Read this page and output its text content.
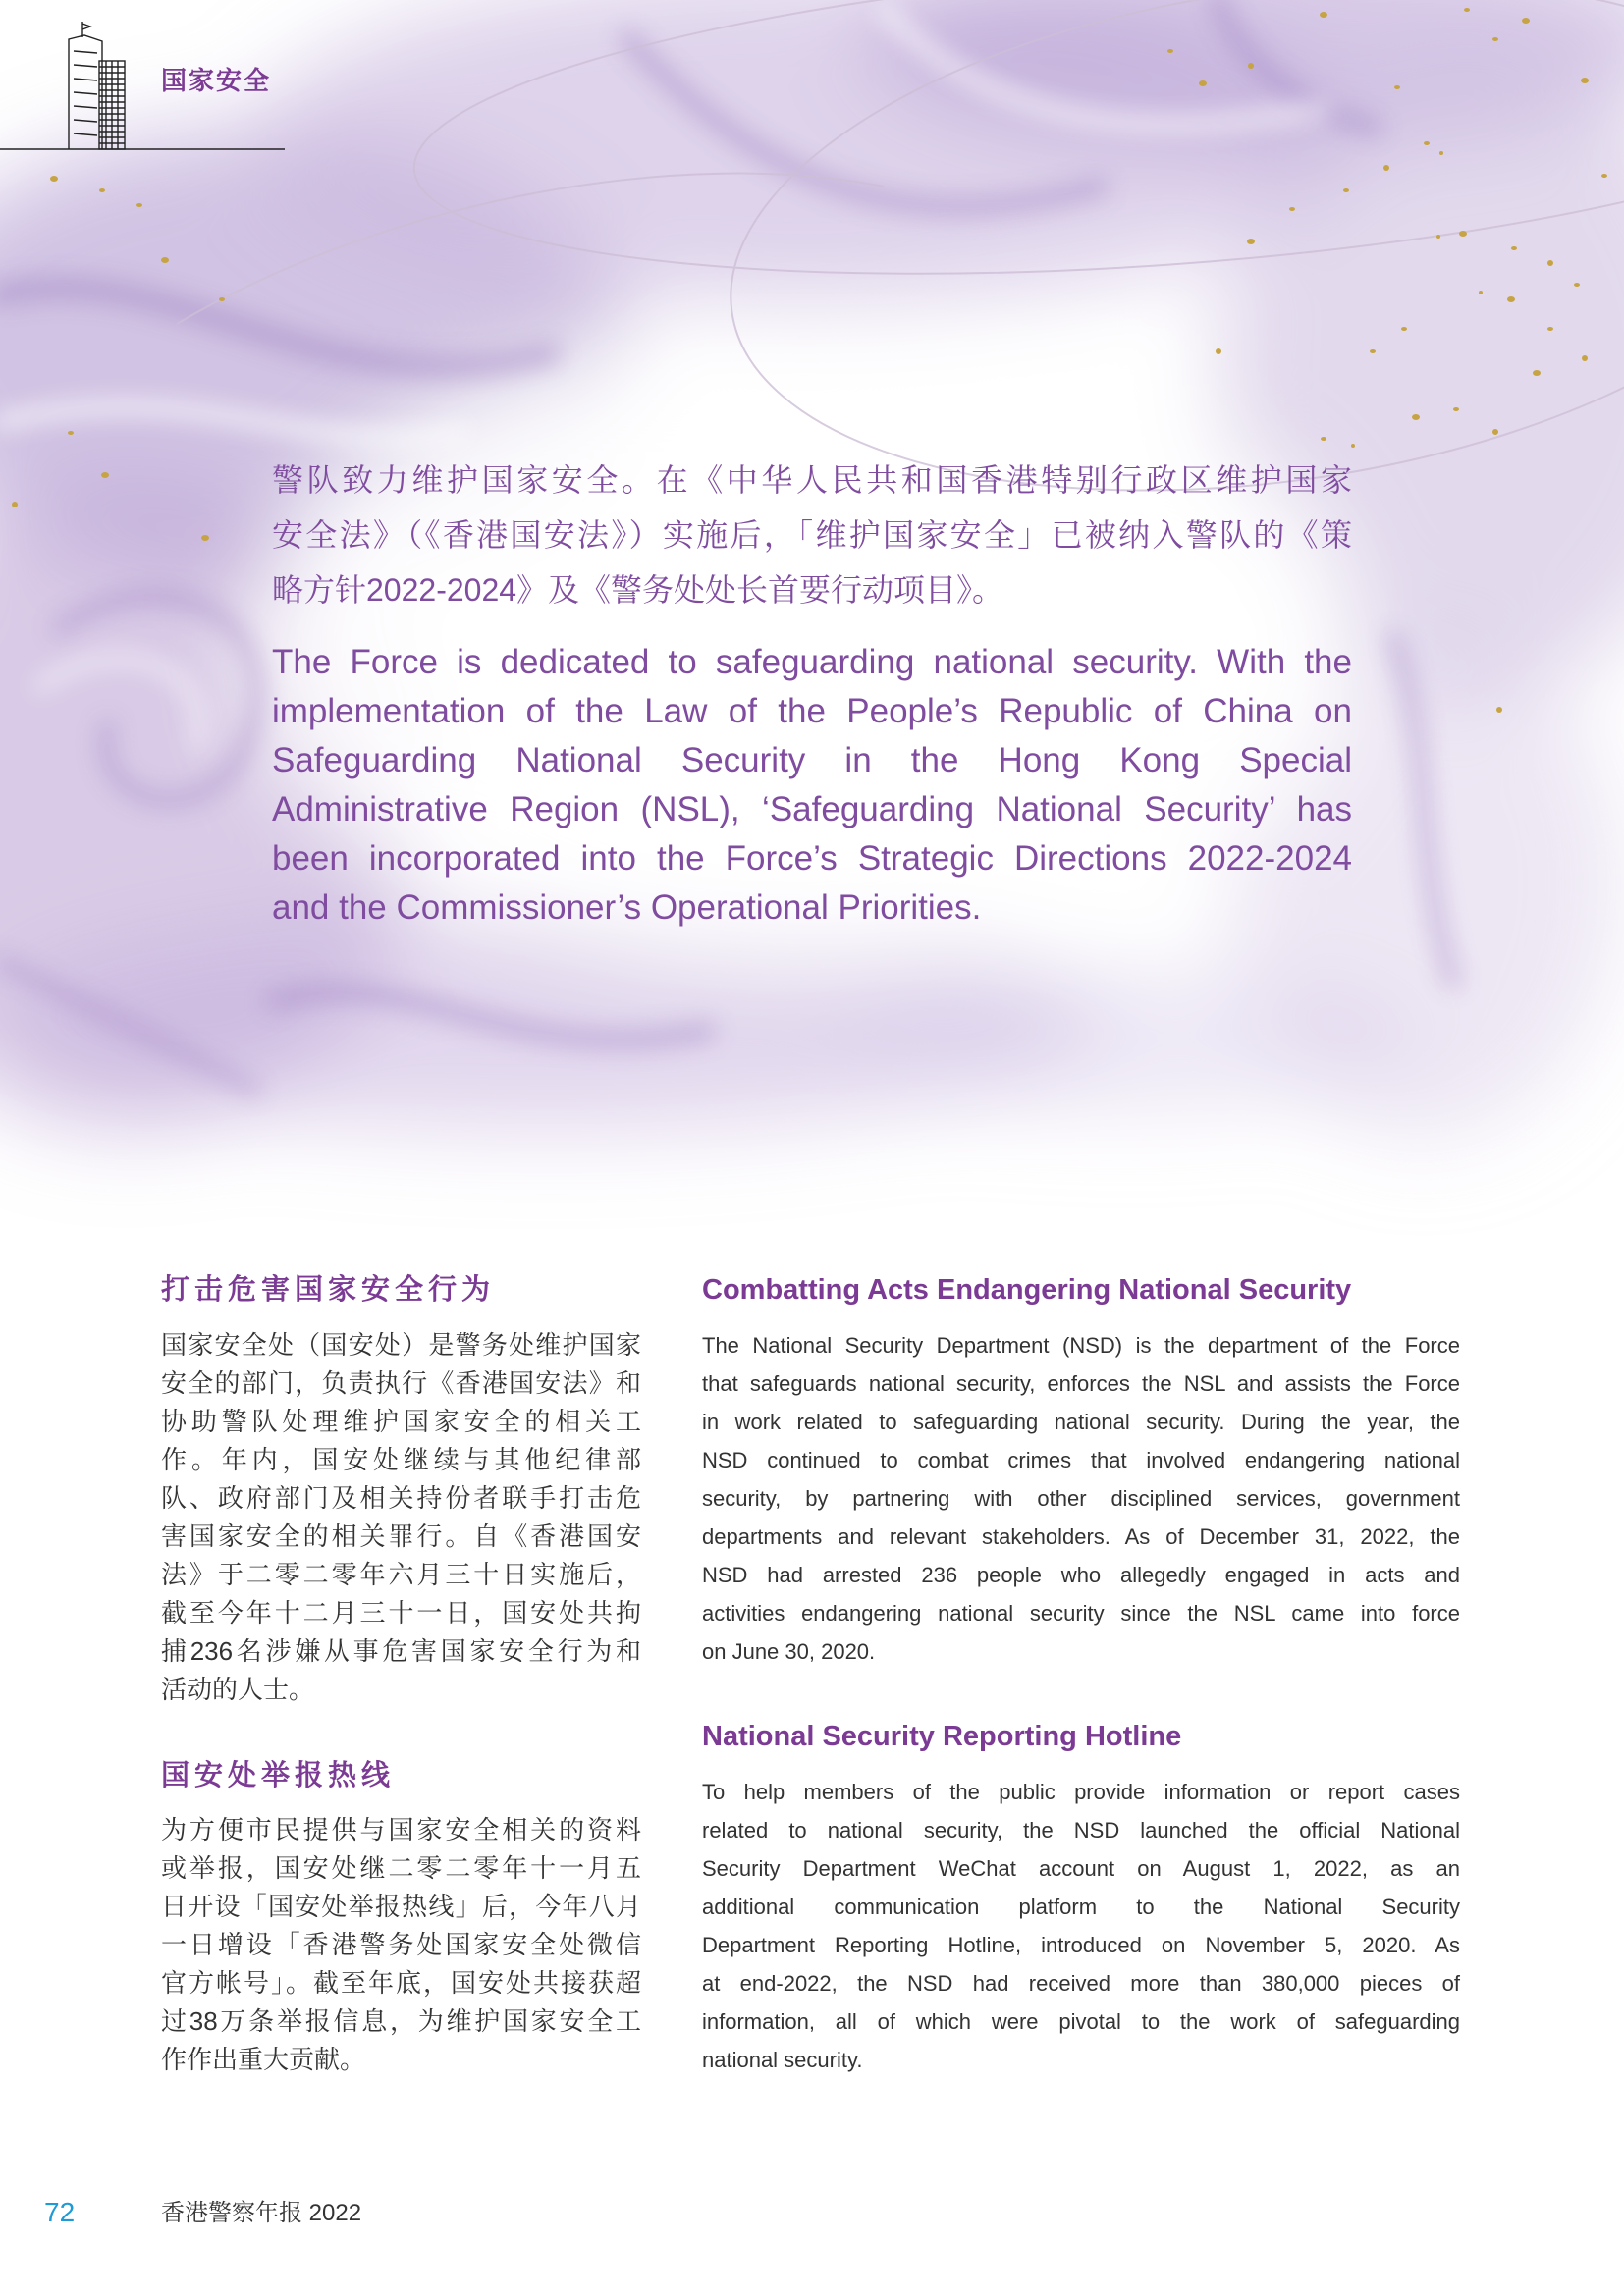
国家安全
警队致力维护国家安全。在《中华人民共和国香港特别行政区维护国家
安全法》（《香港国安法》）实施后，「维护国家安全」已被纳入警队的《策
略方针2022-2024》及《警务处处长首要行动项目》。
The Force is dedicated to safeguarding national security. With the
implementation of the Law of the People’s Republic of China on
Safeguarding National Security in the Hong Kong Special
Administrative Region (NSL), ‘Safeguarding National Security’ has
been incorporated into the Force’s Strategic Directions 2022-2024
and the Commissioner’s Operational Priorities.
打击危害国家安全行为
国家安全处（国安处）是警务处维护国家
安全的部门，负责执行《香港国安法》和
协助警队处理维护国家安全的相关工
作。年内，国安处继续与其他纪律部
队、政府部门及相关持份者联手打击危
害国家安全的相关罪行。自《香港国安
法》于二零二零年六月三十日实施后，
截至今年十二月三十一日，国安处共拘
捕236名涉嫌从事危害国家安全行为和
活动的人士。
国安处举报热线
为方便市民提供与国家安全相关的资料
或举报，国安处继二零二零年十一月五
日开设「国安处举报热线」后，今年八月
一日增设「香港警务处国家安全处微信
官方帐号」。截至年底，国安处共接获超
过38万条举报信息，为维护国家安全工
作作出重大贡献。
Combatting Acts Endangering National Security
The National Security Department (NSD) is the department of the Force
that safeguards national security, enforces the NSL and assists the Force
in work related to safeguarding national security. During the year, the
NSD continued to combat crimes that involved endangering national
security, by partnering with other disciplined services, government
departments and relevant stakeholders. As of December 31, 2022, the
NSD had arrested 236 people who allegedly engaged in acts and
activities endangering national security since the NSL came into force
on June 30, 2020.
National Security Reporting Hotline
To help members of the public provide information or report cases
related to national security, the NSD launched the official National
Security Department WeChat account on August 1, 2022, as an
additional communication platform to the National Security
Department Reporting Hotline, introduced on November 5, 2020. As
at end-2022, the NSD had received more than 380,000 pieces of
information, all of which were pivotal to the work of safeguarding
national security.
72	香港警察年报 2022
